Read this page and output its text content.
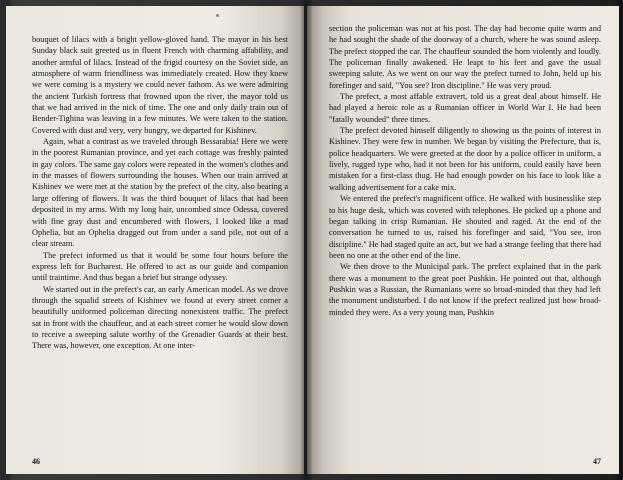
bouquet of lilacs with a bright yellow-gloved hand. The mayor in his best Sunday black suit greeted us in fluent French with charming affability, and another armful of lilacs. Instead of the frigid courtesy on the Soviet side, an atmosphere of warm friendliness was immediately created. How they knew we were coming is a mystery we could never fathom. As we were admiring the ancient Turkish fortress that frowned upon the river, the mayor told us that we had arrived in the nick of time. The one and only daily train out of Bender-Tighina was leaving in a few minutes. We were taken to the station. Covered with dust and very, very hungry, we departed for Kishinev.

Again, what a contrast as we traveled through Bessarabia! Here we were in the poorest Rumanian province, and yet each cottage was freshly painted in gay colors. The same gay colors were repeated in the women's clothes and in the masses of flowers surrounding the houses. When our train arrived at Kishinev we were met at the station by the prefect of the city, also bearing a large offering of flowers. It was the third bouquet of lilacs that had been deposited in my arms. With my long hair, uncombed since Odessa, covered with fine gray dust and encumbered with flowers, I looked like a mad Ophelia, but an Ophelia dragged out from under a sand pile, not out of a clear stream.

The prefect informed us that it would be some four hours before the express left for Bucharest. He offered to act as our guide and companion until traintime. And thus began a brief but strange odyssey.

We started out in the prefect's car, an early American model. As we drove through the squalid streets of Kishinev we found at every street corner a beautifully uniformed policeman directing nonexistent traffic. The prefect sat in front with the chauffeur, and at each street corner he would slow down to receive a sweeping salute worthy of the Grenadier Guards at their best. There was, however, one exception. At one inter-

46

section the policeman was not at his post. The day had become quite warm and he had sought the shade of the doorway of a church, where he was sound asleep. The prefect stopped the car. The chauffeur sounded the horn violently and loudly. The policeman finally awakened. He leapt to his feet and gave the usual sweeping salute. As we went on our way the prefect turned to John, held up his forefinger and said, "You see? Iron discipline." He was very proud.

The prefect, a most affable extravert, told us a great deal about himself. He had played a heroic role as a Rumanian officer in World War I. He had been "fatally wounded" three times.

The prefect devoted himself diligently to showing us the points of interest in Kishinev. They were few in number. We began by visiting the Prefecture, that is, police headquarters. We were greeted at the door by a police officer in uniform, a lively, rugged type who, had it not been for his uniform, could easily have been mistaken for a first-class thug. He had enough powder on his face to look like a walking advertisement for a cake mix.

We entered the prefect's magnificent office. He walked with businesslike step to his huge desk, which was covered with telephones. He picked up a phone and began talking in crisp Rumanian. He shouted and raged. At the end of the conversation he turned to us, raised his forefinger and said, "You see, iron discipline." He had staged quite an act, but we had a strange feeling that there had been no one at the other end of the line.

We then drove to the Municipal park. The prefect explained that in the park there was a monument to the great poet Pushkin. He pointed out that, although Pushkin was a Russian, the Rumanians were so broad-minded that they had left the monument undisturbed. I do not know if the prefect realized just how broad-minded they were. As a very young man, Pushkin

47
